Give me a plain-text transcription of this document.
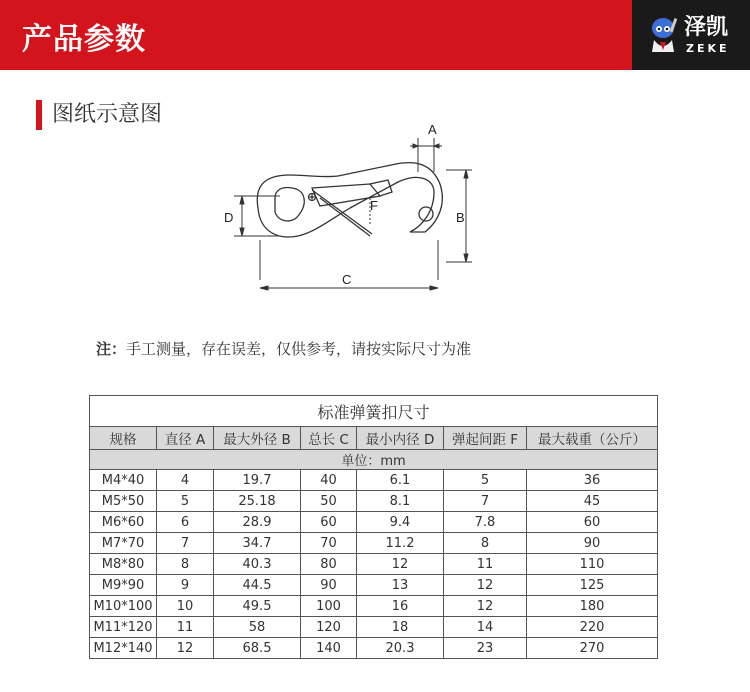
产品参数	泽凯
ZEKE
图纸示意图
A
B
C
D
F
注：手工测量，存在误差，仅供参考，请按实际尺寸为准
标准弹簧扣尺寸						
规格	直径 A	最大外径 B	总长 C	最小内径 D	弹起间距 F	最大载重（公斤）
单位：mm						
M4*40	4	19.7	40	6.1	5	36
M5*50	5	25.18	50	8.1	7	45
M6*60	6	28.9	60	9.4	7.8	60
M7*70	7	34.7	70	11.2	8	90
M8*80	8	40.3	80	12	11	110
M9*90	9	44.5	90	13	12	125
M10*100	10	49.5	100	16	12	180
M11*120	11	58	120	18	14	220
M12*140	12	68.5	140	20.3	23	270
